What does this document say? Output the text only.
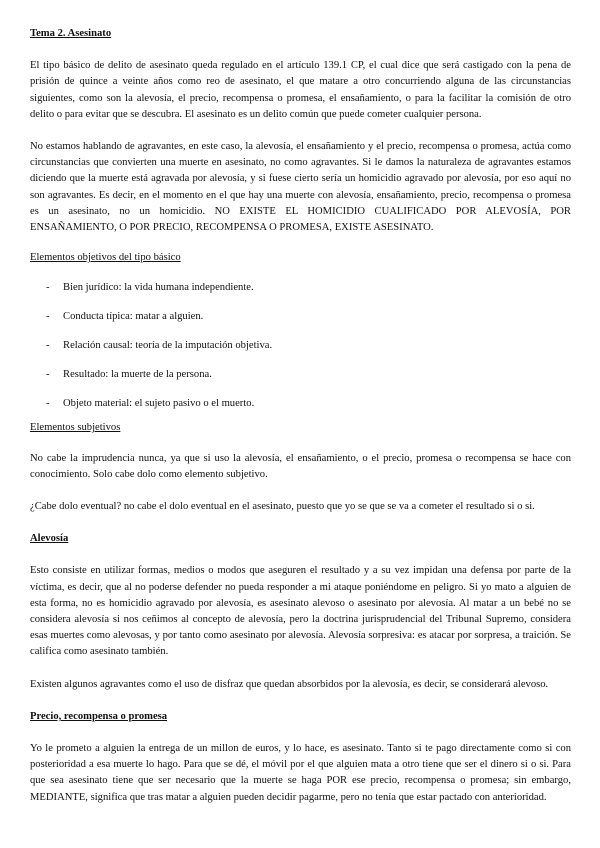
Tema 2. Asesinato

El tipo básico de delito de asesinato queda regulado en el artículo 139.1 CP, el cual dice que será castigado con la pena de prisión de quince a veinte años como reo de asesinato, el que matare a otro concurriendo alguna de las circunstancias siguientes, como son la alevosía, el precio, recompensa o promesa, el ensañamiento, o para la facilitar la comisión de otro delito o para evitar que se descubra. El asesinato es un delito común que puede cometer cualquier persona.

No estamos hablando de agravantes, en este caso, la alevosía, el ensañamiento y el precio, recompensa o promesa, actúa como circunstancias que convierten una muerte en asesinato, no como agravantes. Si le damos la naturaleza de agravantes estamos diciendo que la muerte está agravada por alevosía, y si fuese cierto sería un homicidio agravado por alevosía, por eso aquí no son agravantes. Es decir, en el momento en el que hay una muerte con alevosía, ensañamiento, precio, recompensa o promesa es un asesinato, no un homicidio. NO EXISTE EL HOMICIDIO CUALIFICADO POR ALEVOSÍA, POR ENSAÑAMIENTO, O POR PRECIO, RECOMPENSA O PROMESA, EXISTE ASESINATO.

Elementos objetivos del tipo básico
- Bien jurídico: la vida humana independiente.
- Conducta típica: matar a alguien.
- Relación causal: teoría de la imputación objetiva.
- Resultado: la muerte de la persona.
- Objeto material: el sujeto pasivo o el muerto.
Elementos subjetivos

No cabe la imprudencia nunca, ya que si uso la alevosía, el ensañamiento, o el precio, promesa o recompensa se hace con conocimiento. Solo cabe dolo como elemento subjetivo.

¿Cabe dolo eventual? no cabe el dolo eventual en el asesinato, puesto que yo se que se va a cometer el resultado si o si.

Alevosía

Esto consiste en utilizar formas, medios o modos que aseguren el resultado y a su vez impidan una defensa por parte de la víctima, es decir, que al no poderse defender no pueda responder a mi ataque poniéndome en peligro. Si yo mato a alguien de esta forma, no es homicidio agravado por alevosía, es asesinato alevoso o asesinato por alevosía. Al matar a un bebé no se considera alevosía si nos ceñimos al concepto de alevosía, pero la doctrina jurisprudencial del Tribunal Supremo, considera esas muertes como alevosas, y por tanto como asesinato por alevosía. Alevosía sorpresiva: es atacar por sorpresa, a traición. Se califica como asesinato también.

Existen algunos agravantes como el uso de disfraz que quedan absorbidos por la alevosía, es decir, se considerará alevoso.

Precio, recompensa o promesa

Yo le prometo a alguien la entrega de un millon de euros, y lo hace, es asesinato. Tanto si te pago directamente como si con posterioridad a esa muerte lo hago. Para que se dé, el móvil por el que alguien mata a otro tiene que ser el dinero si o si. Para que sea asesinato tiene que ser necesario que la muerte se haga POR ese precio, recompensa o promesa; sin embargo, MEDIANTE, significa que tras matar a alguien pueden decidir pagarme, pero no tenía que estar pactado con anterioridad.
